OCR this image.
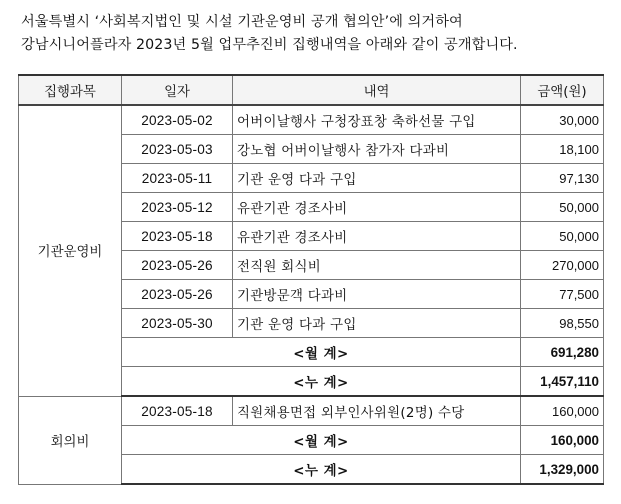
서울특별시 ‘사회복지법인 및 시설 기관운영비 공개 협의안’에 의거하여
강남시니어플라자 2023년 5월 업무추진비 집행내역을 아래와 같이 공개합니다.
집행과목	일자	내역	금액(원)
기관운영비	2023-05-02	어버이날행사 구청장표창 축하선물 구입	30,000
	2023-05-03	강노협 어버이날행사 참가자 다과비	18,100
	2023-05-11	기관 운영 다과 구입	97,130
	2023-05-12	유관기관 경조사비	50,000
	2023-05-18	유관기관 경조사비	50,000
	2023-05-26	전직원 회식비	270,000
	2023-05-26	기관방문객 다과비	77,500
	2023-05-30	기관 운영 다과 구입	98,550
	<월 계>		691,280
	<누 계>		1,457,110
회의비	2023-05-18	직원채용면접 외부인사위원(2명) 수당	160,000
	<월 계>		160,000
	<누 계>		1,329,000
